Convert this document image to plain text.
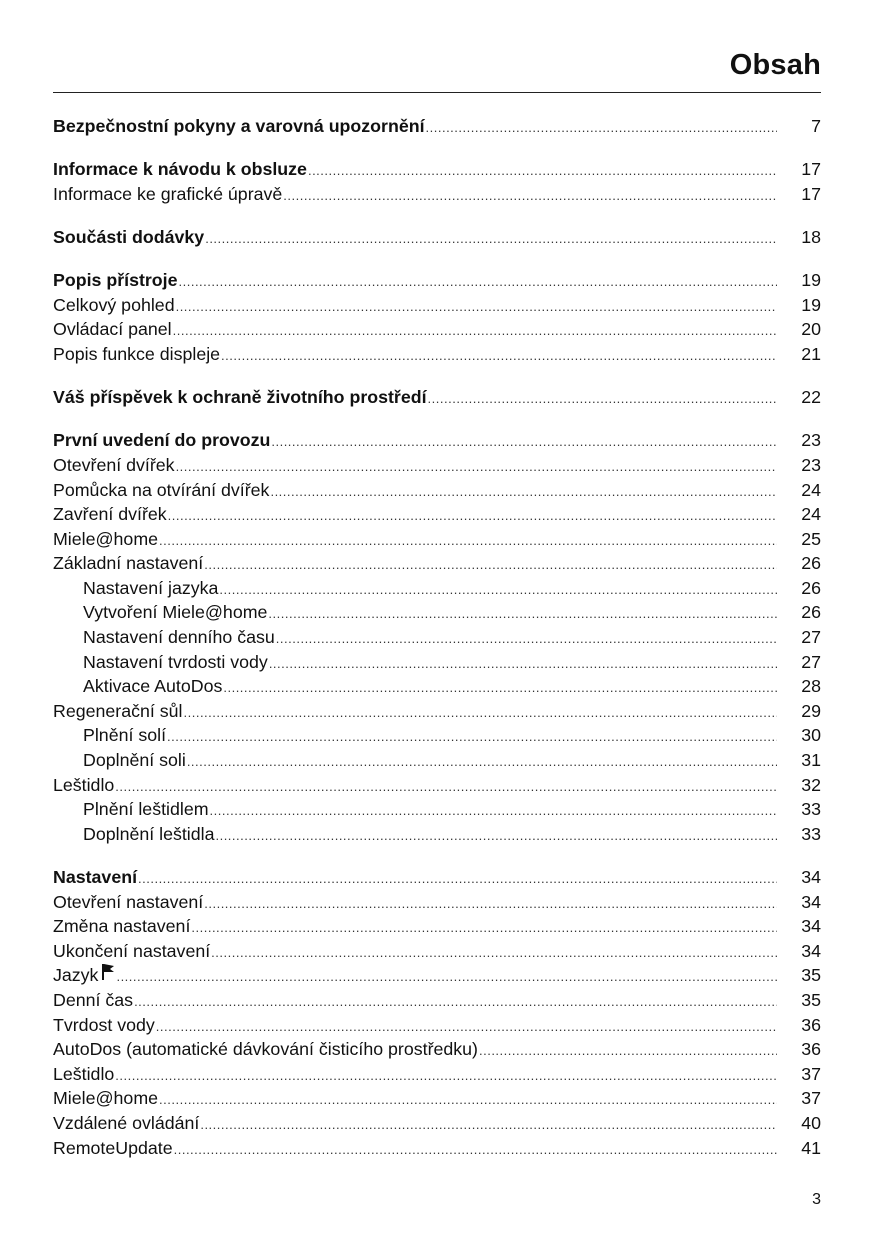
Obsah
Bezpečnostní pokyny a varovná upozornění .....	7
Informace k návodu k obsluze .....	17
Informace ke grafické úpravě .....	17
Součásti dodávky .....	18
Popis přístroje .....	19
Celkový pohled .....	19
Ovládací panel .....	20
Popis funkce displeje .....	21
Váš příspěvek k ochraně životního prostředí .....	22
První uvedení do provozu .....	23
Otevření dvířek .....	23
Pomůcka na otvírání dvířek .....	24
Zavření dvířek .....	24
Miele@home .....	25
Základní nastavení .....	26
Nastavení jazyka .....	26
Vytvoření Miele@home .....	26
Nastavení denního času .....	27
Nastavení tvrdosti vody .....	27
Aktivace AutoDos .....	28
Regenerační sůl .....	29
Plnění solí .....	30
Doplnění soli .....	31
Leštidlo .....	32
Plnění leštidlem .....	33
Doplnění leštidla .....	33
Nastavení .....	34
Otevření nastavení .....	34
Změna nastavení .....	34
Ukončení nastavení .....	34
Jazyk .....	35
Denní čas .....	35
Tvrdost vody .....	36
AutoDos (automatické dávkování čisticího prostředku) .....	36
Leštidlo .....	37
Miele@home .....	37
Vzdálené ovládání .....	40
RemoteUpdate .....	41
3
